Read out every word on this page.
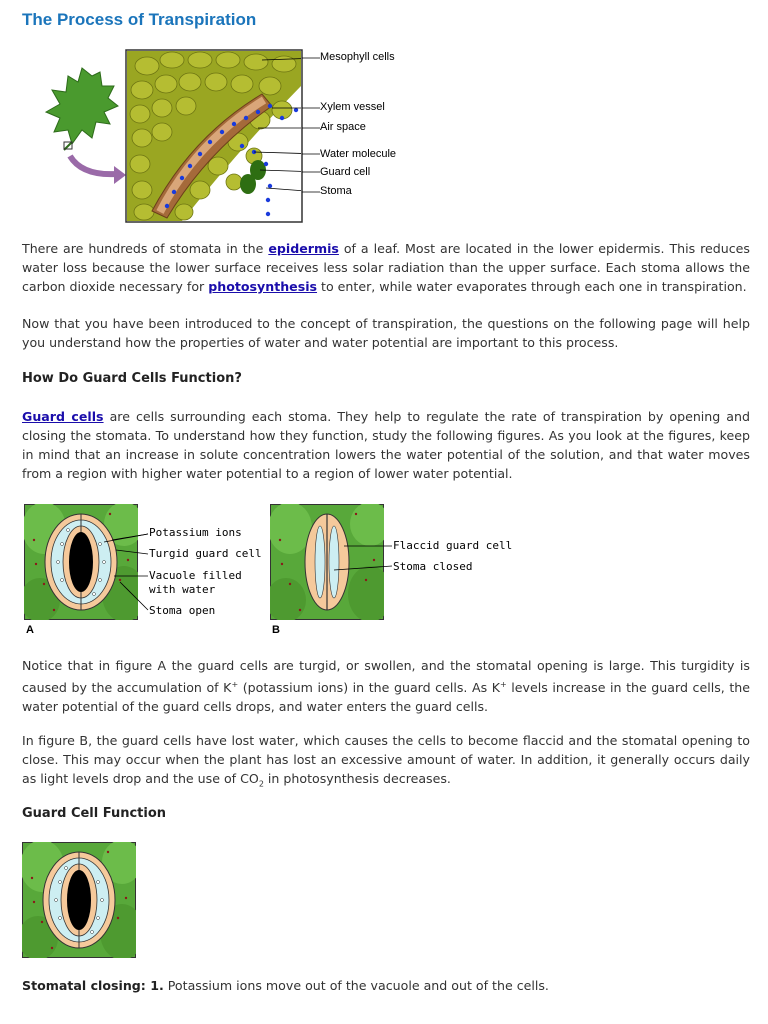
The Process of Transpiration
Mesophyll cells
Xylem vessel
Air space
Water molecule
Guard cell
Stoma

There are hundreds of stomata in the epidermis of a leaf. Most are located in the lower epidermis. This reduces water loss because the lower surface receives less solar radiation than the upper surface. Each stoma allows the carbon dioxide necessary for photosynthesis to enter, while water evaporates through each one in transpiration.

Now that you have been introduced to the concept of transpiration, the questions on the following page will help you understand how the properties of water and water potential are important to this process.

How Do Guard Cells Function?

Guard cells are cells surrounding each stoma. They help to regulate the rate of transpiration by opening and closing the stomata. To understand how they function, study the following figures. As you look at the figures, keep in mind that an increase in solute concentration lowers the water potential of the solution, and that water moves from a region with higher water potential to a region of lower water potential.

Potassium ions
Turgid guard cell
Vacuole filled
with water
Stoma open
A
Flaccid guard cell
Stoma closed
B

Notice that in figure A the guard cells are turgid, or swollen, and the stomatal opening is large. This turgidity is caused by the accumulation of K+ (potassium ions) in the guard cells. As K+ levels increase in the guard cells, the water potential of the guard cells drops, and water enters the guard cells.

In figure B, the guard cells have lost water, which causes the cells to become flaccid and the stomatal opening to close. This may occur when the plant has lost an excessive amount of water. In addition, it generally occurs daily as light levels drop and the use of $CO_2$ in photosynthesis decreases.

Guard Cell Function

Stomatal closing: 1. Potassium ions move out of the vacuole and out of the cells.
